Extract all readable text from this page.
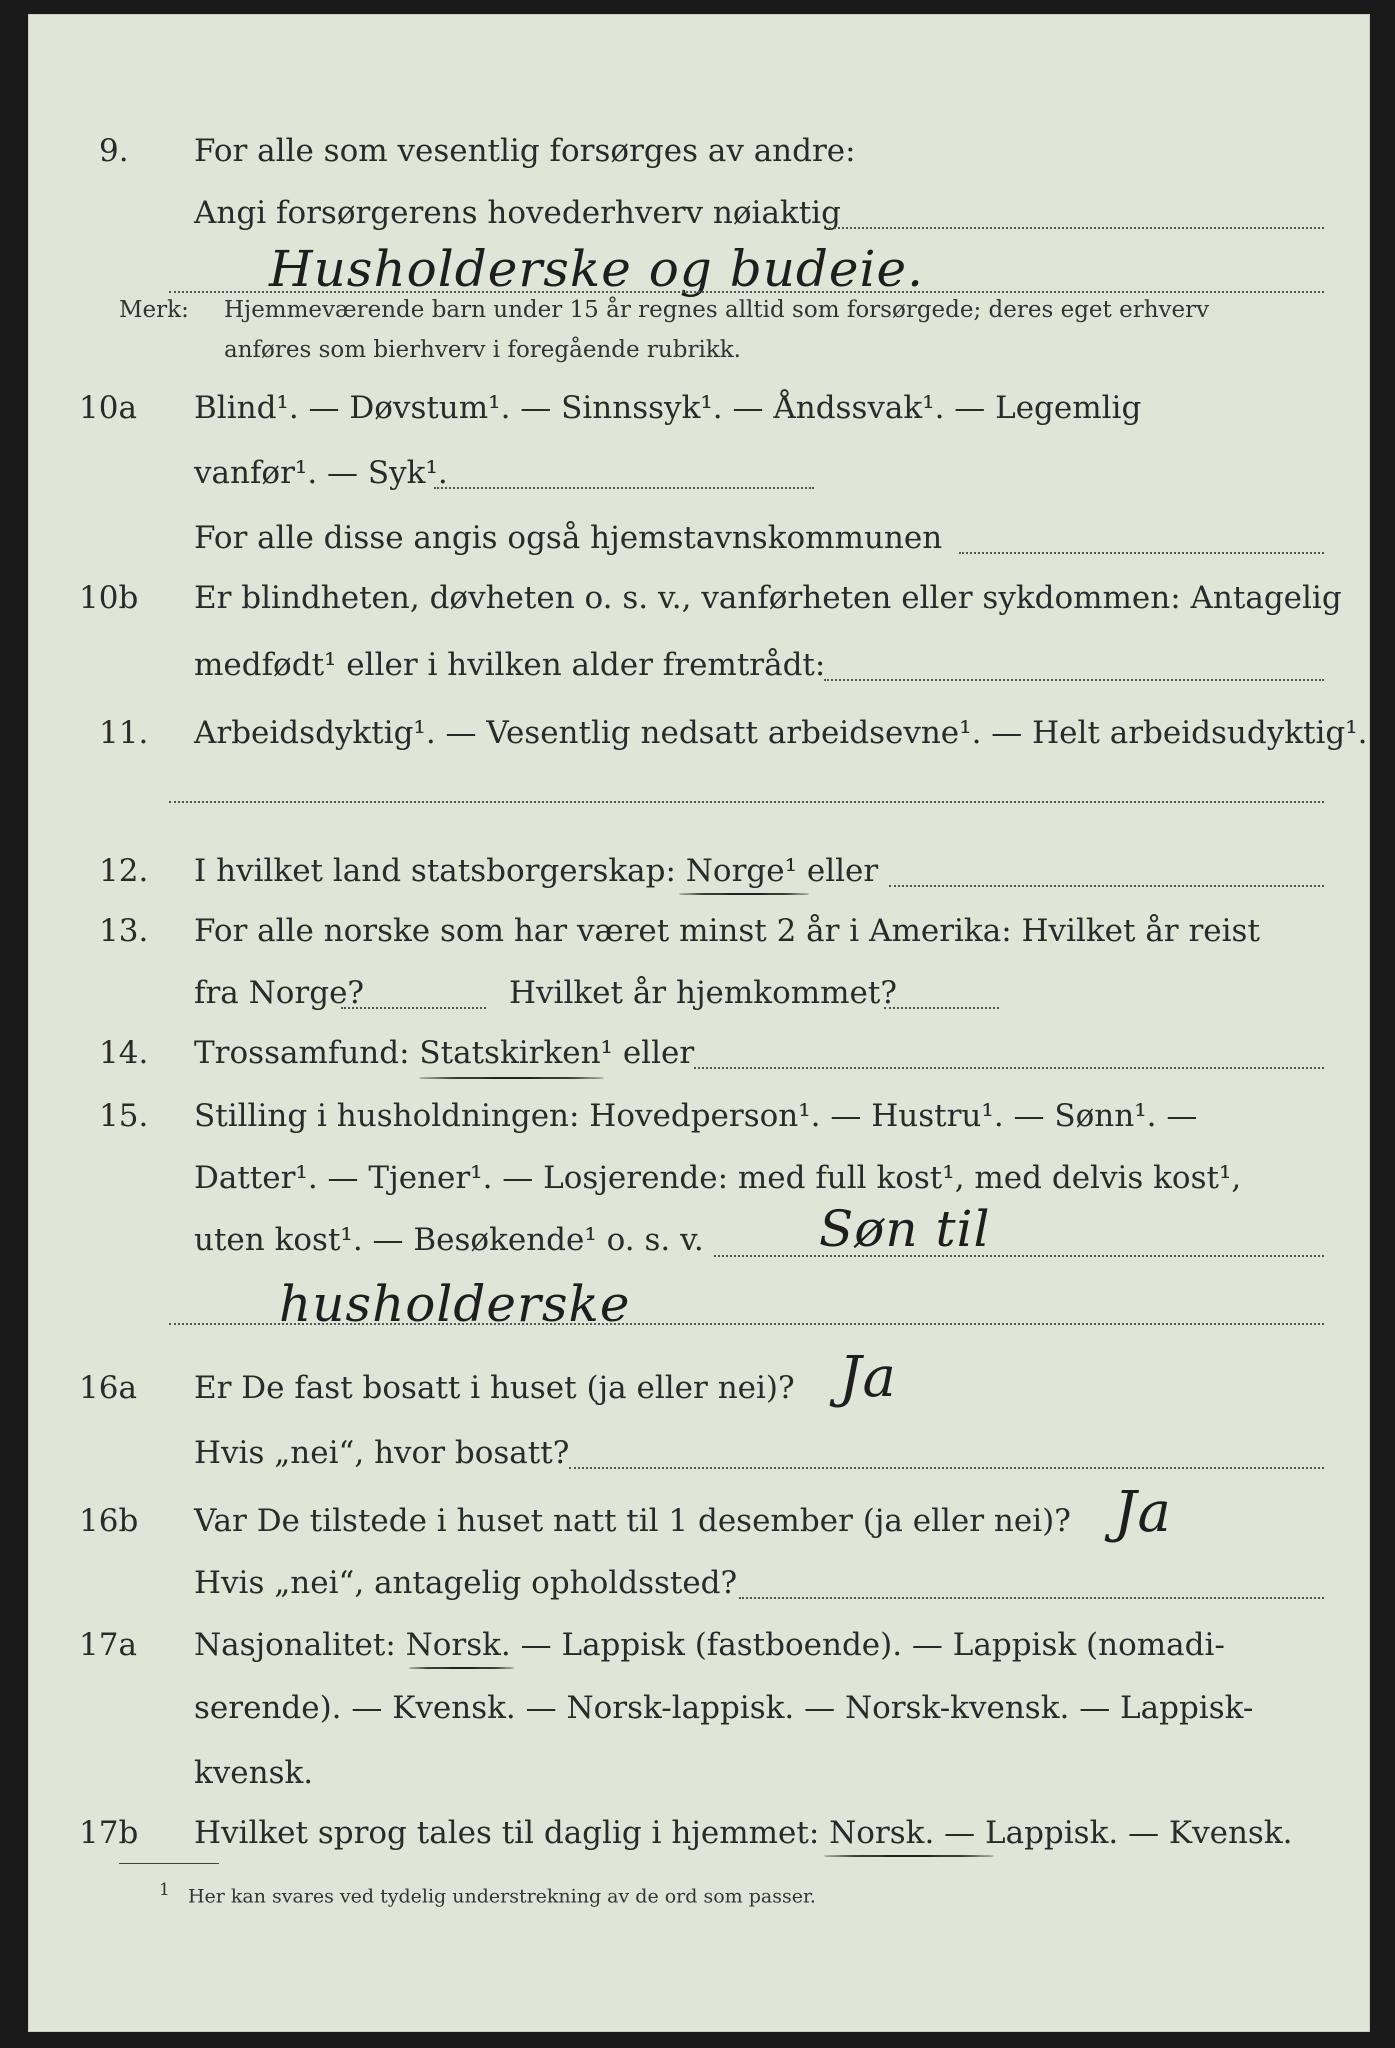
9. For alle som vesentlig forsørges av andre:
Angi forsørgerens hovederhverv nøiaktig
Husholderske og budeie.
Merk: Hjemmeværende barn under 15 år regnes alltid som forsørgede; deres eget erhverv
anføres som bierhverv i foregående rubrikk.
10a Blind¹. — Døvstum¹. — Sinnssyk¹. — Åndssvak¹. — Legemlig
vanfør¹. — Syk¹.
For alle disse angis også hjemstavnskommunen
10b Er blindheten, døvheten o. s. v., vanførheten eller sykdommen: Antagelig
medfødt¹ eller i hvilken alder fremtrådt:
11. Arbeidsdyktig¹. — Vesentlig nedsatt arbeidsevne¹. — Helt arbeidsudyktig¹.
12. I hvilket land statsborgerskap: Norge¹ eller
13. For alle norske som har været minst 2 år i Amerika: Hvilket år reist
fra Norge?	Hvilket år hjemkommet?
14. Trossamfund: Statskirken¹ eller
15. Stilling i husholdningen: Hovedperson¹. — Hustru¹. — Sønn¹. —
Datter¹. — Tjener¹. — Losjerende: med full kost¹, med delvis kost¹,
uten kost¹. — Besøkende¹ o. s. v.	Søn til
husholderske
16a Er De fast bosatt i huset (ja eller nei)? Ja
Hvis „nei“, hvor bosatt?
16b Var De tilstede i huset natt til 1 desember (ja eller nei)? Ja
Hvis „nei“, antagelig opholdssted?
17a Nasjonalitet: Norsk. — Lappisk (fastboende). — Lappisk (nomadi-
serende). — Kvensk. — Norsk-lappisk. — Norsk-kvensk. — Lappisk-
kvensk.
17b Hvilket sprog tales til daglig i hjemmet: Norsk. — Lappisk. — Kvensk.
1 Her kan svares ved tydelig understrekning av de ord som passer.
